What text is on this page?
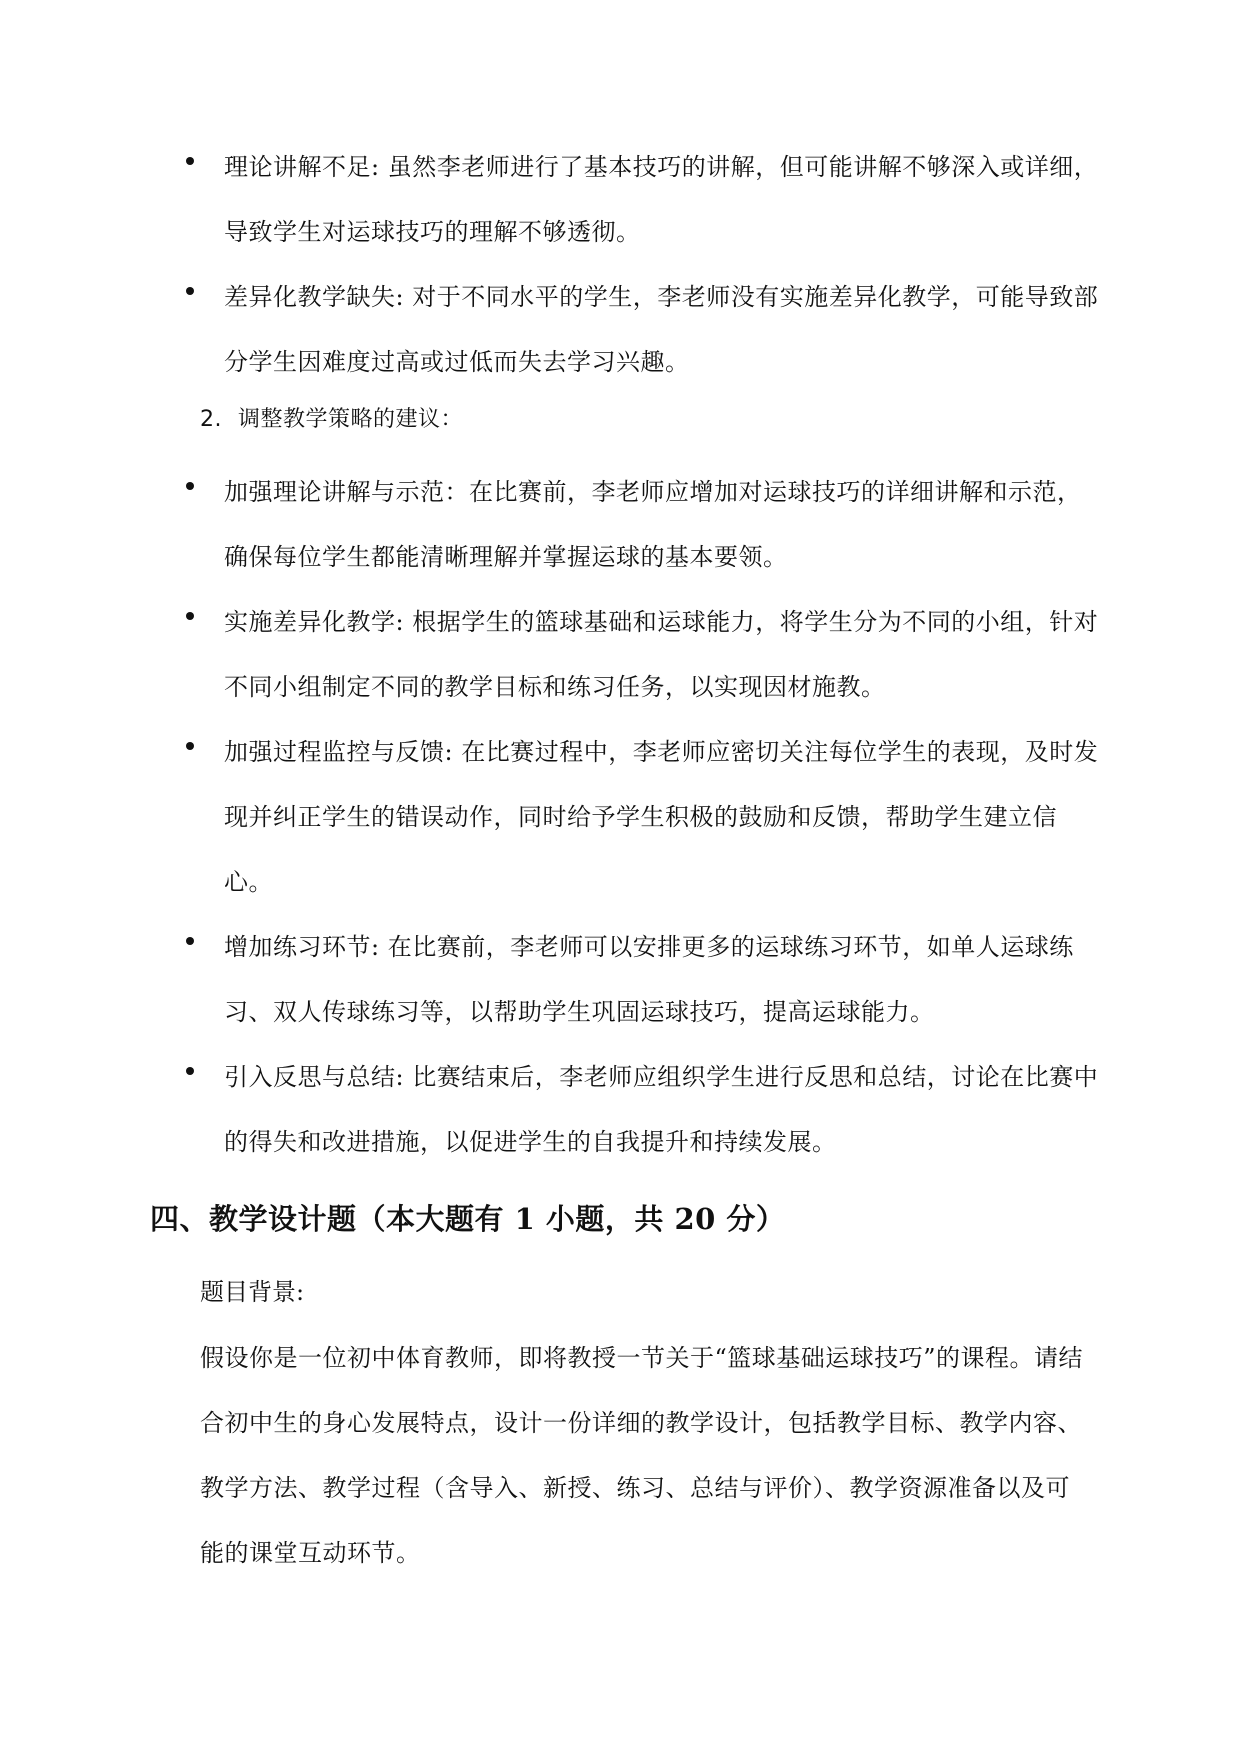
理论讲解不足: 虽然李老师进行了基本技巧的讲解，但可能讲解不够深入或详细，导致学生对运球技巧的理解不够透彻。
差异化教学缺失: 对于不同水平的学生，李老师没有实施差异化教学，可能导致部分学生因难度过高或过低而失去学习兴趣。
2. 调整教学策略的建议：
加强理论讲解与示范：在比赛前，李老师应增加对运球技巧的详细讲解和示范，确保每位学生都能清晰理解并掌握运球的基本要领。
实施差异化教学: 根据学生的篮球基础和运球能力，将学生分为不同的小组，针对不同小组制定不同的教学目标和练习任务，以实现因材施教。
加强过程监控与反馈: 在比赛过程中，李老师应密切关注每位学生的表现，及时发现并纠正学生的错误动作，同时给予学生积极的鼓励和反馈，帮助学生建立信心。
增加练习环节: 在比赛前，李老师可以安排更多的运球练习环节，如单人运球练习、双人传球练习等，以帮助学生巩固运球技巧，提高运球能力。
引入反思与总结: 比赛结束后，李老师应组织学生进行反思和总结，讨论在比赛中的得失和改进措施，以促进学生的自我提升和持续发展。
四、教学设计题（本大题有 1 小题，共 20 分）
题目背景:
假设你是一位初中体育教师，即将教授一节关于“篮球基础运球技巧”的课程。请结合初中生的身心发展特点，设计一份详细的教学设计，包括教学目标、教学内容、教学方法、教学过程（含导入、新授、练习、总结与评价）、教学资源准备以及可能的课堂互动环节。
